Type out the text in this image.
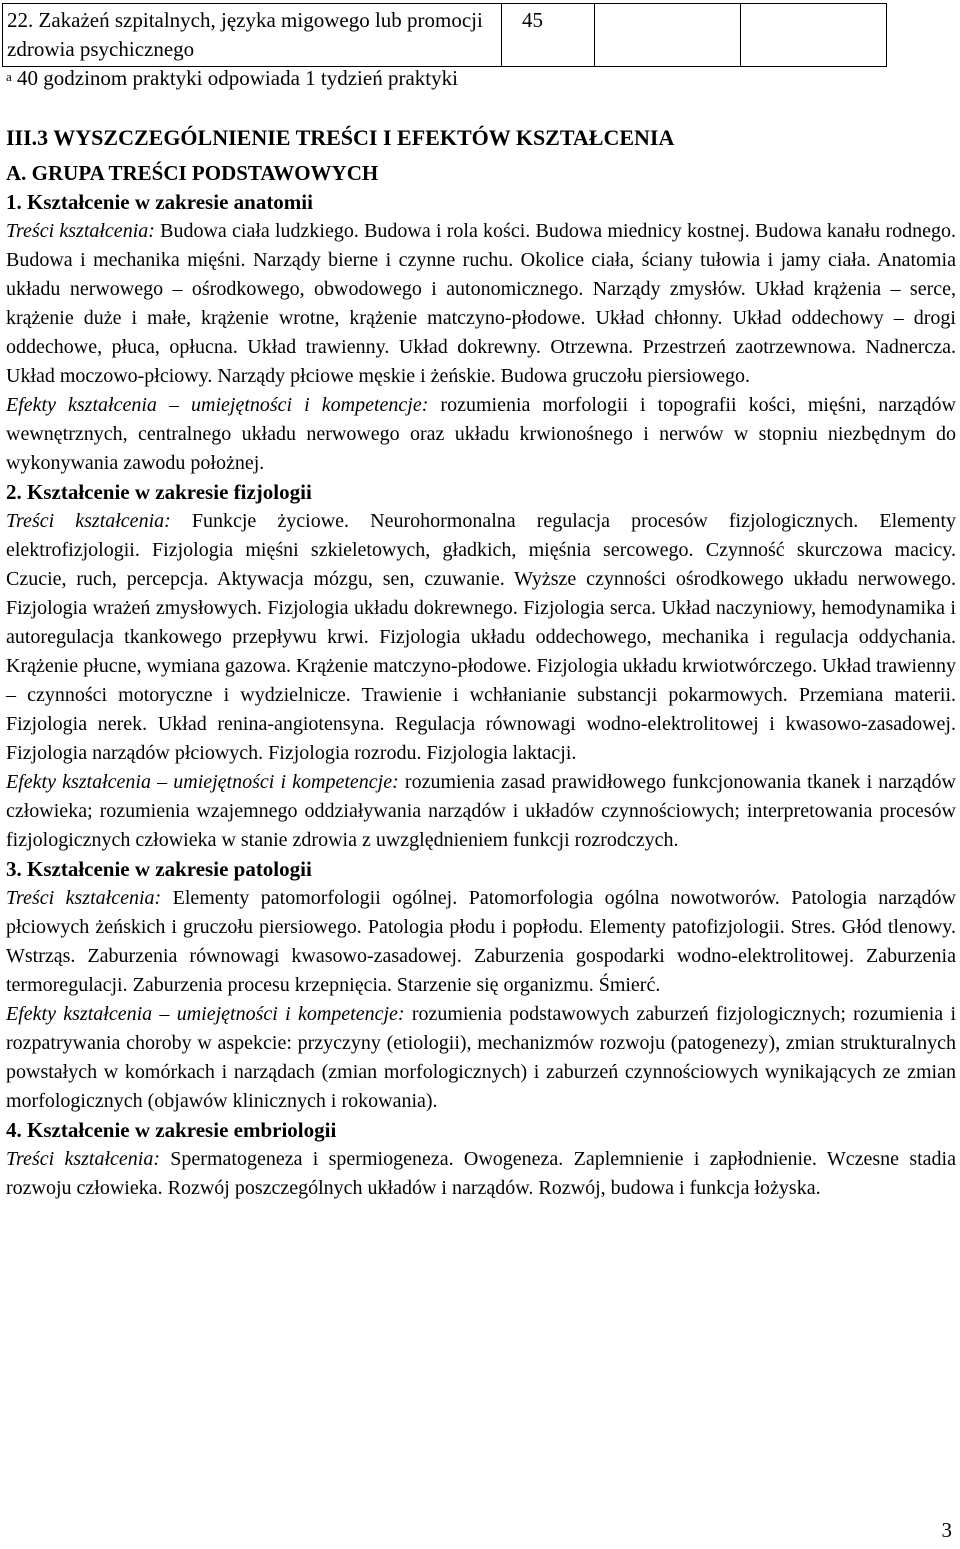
22. Zakażeń szpitalnych, języka migowego lub promocji zdrowia psychicznego	45		
$^a$ 40 godzinom praktyki odpowiada 1 tydzień praktyki

III.3 WYSZCZEGÓLNIENIE TREŚCI I EFEKTÓW KSZTAŁCENIA

A. GRUPA TREŚCI PODSTAWOWYCH

1. Kształcenie w zakresie anatomii

Treści kształcenia: Budowa ciała ludzkiego. Budowa i rola kości. Budowa miednicy kostnej. Budowa kanału rodnego. Budowa i mechanika mięśni. Narządy bierne i czynne ruchu. Okolice ciała, ściany tułowia i jamy ciała. Anatomia układu nerwowego – ośrodkowego, obwodowego i autonomicznego. Narządy zmysłów. Układ krążenia – serce, krążenie duże i małe, krążenie wrotne, krążenie matczyno-płodowe. Układ chłonny. Układ oddechowy – drogi oddechowe, płuca, opłucna. Układ trawienny. Układ dokrewny. Otrzewna. Przestrzeń zaotrzewnowa. Nadnercza. Układ moczowo-płciowy. Narządy płciowe męskie i żeńskie. Budowa gruczołu piersiowego.

Efekty kształcenia – umiejętności i kompetencje: rozumienia morfologii i topografii kości, mięśni, narządów wewnętrznych, centralnego układu nerwowego oraz układu krwionośnego i nerwów w stopniu niezbędnym do wykonywania zawodu położnej.

2. Kształcenie w zakresie fizjologii

Treści kształcenia: Funkcje życiowe. Neurohormonalna regulacja procesów fizjologicznych. Elementy elektrofizjologii. Fizjologia mięśni szkieletowych, gładkich, mięśnia sercowego. Czynność skurczowa macicy. Czucie, ruch, percepcja. Aktywacja mózgu, sen, czuwanie. Wyższe czynności ośrodkowego układu nerwowego. Fizjologia wrażeń zmysłowych. Fizjologia układu dokrewnego. Fizjologia serca. Układ naczyniowy, hemodynamika i autoregulacja tkankowego przepływu krwi. Fizjologia układu oddechowego, mechanika i regulacja oddychania. Krążenie płucne, wymiana gazowa. Krążenie matczyno-płodowe. Fizjologia układu krwiotwórczego. Układ trawienny – czynności motoryczne i wydzielnicze. Trawienie i wchłanianie substancji pokarmowych. Przemiana materii. Fizjologia nerek. Układ renina-angiotensyna. Regulacja równowagi wodno-elektrolitowej i kwasowo-zasadowej. Fizjologia narządów płciowych. Fizjologia rozrodu. Fizjologia laktacji.

Efekty kształcenia – umiejętności i kompetencje: rozumienia zasad prawidłowego funkcjonowania tkanek i narządów człowieka; rozumienia wzajemnego oddziaływania narządów i układów czynnościowych; interpretowania procesów fizjologicznych człowieka w stanie zdrowia z uwzględnieniem funkcji rozrodczych.

3. Kształcenie w zakresie patologii

Treści kształcenia: Elementy patomorfologii ogólnej. Patomorfologia ogólna nowotworów. Patologia narządów płciowych żeńskich i gruczołu piersiowego. Patologia płodu i popłodu. Elementy patofizjologii. Stres. Głód tlenowy. Wstrząs. Zaburzenia równowagi kwasowo-zasadowej. Zaburzenia gospodarki wodno-elektrolitowej. Zaburzenia termoregulacji. Zaburzenia procesu krzepnięcia. Starzenie się organizmu. Śmierć.

Efekty kształcenia – umiejętności i kompetencje: rozumienia podstawowych zaburzeń fizjologicznych; rozumienia i rozpatrywania choroby w aspekcie: przyczyny (etiologii), mechanizmów rozwoju (patogenezy), zmian strukturalnych powstałych w komórkach i narządach (zmian morfologicznych) i zaburzeń czynnościowych wynikających ze zmian morfologicznych (objawów klinicznych i rokowania).

4. Kształcenie w zakresie embriologii

Treści kształcenia: Spermatogeneza i spermiogeneza. Owogeneza. Zaplemnienie i zapłodnienie. Wczesne stadia rozwoju człowieka. Rozwój poszczególnych układów i narządów. Rozwój, budowa i funkcja łożyska.

3
